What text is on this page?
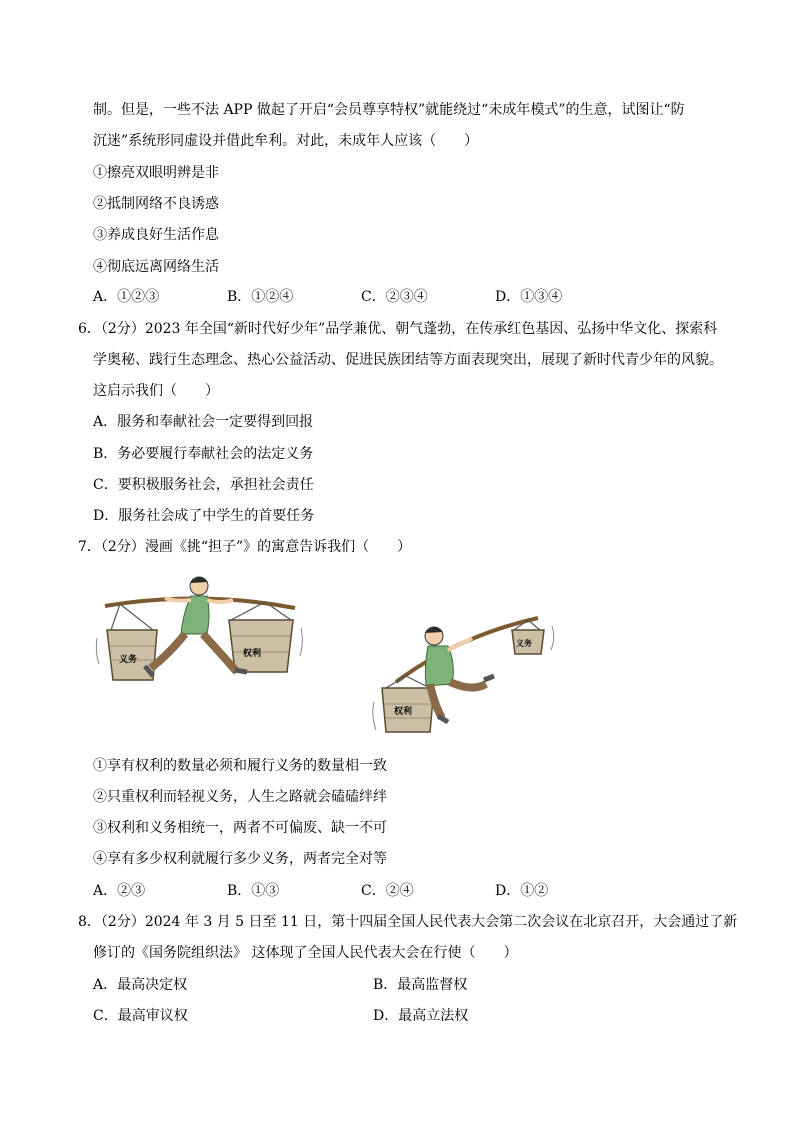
制。但是，一些不法 APP 做起了开启“会员尊享特权”就能绕过“未成年模式”的生意，试图让“防
沉迷”系统形同虚设并借此牟利。对此，未成年人应该（　　）
①擦亮双眼明辨是非
②抵制网络不良诱惑
③养成良好生活作息
④彻底远离网络生活
A．①②③	B．①②④	C．②③④	D．①③④
6．（2分）2023 年全国“新时代好少年”品学兼优、朝气蓬勃，在传承红色基因、弘扬中华文化、探索科
学奥秘、践行生态理念、热心公益活动、促进民族团结等方面表现突出，展现了新时代青少年的风貌。
这启示我们（　　）
A．服务和奉献社会一定要得到回报
B．务必要履行奉献社会的法定义务
C．要积极服务社会，承担社会责任
D．服务社会成了中学生的首要任务
7．（2分）漫画《挑“担子”》的寓意告诉我们（　　）
义务
权利
权利
义务
①享有权利的数量必须和履行义务的数量相一致
②只重权利而轻视义务，人生之路就会磕磕绊绊
③权利和义务相统一，两者不可偏废、缺一不可
④享有多少权利就履行多少义务，两者完全对等
A．②③	B．①③	C．②④	D．①②
8．（2分）2024 年 3 月 5 日至 11 日，第十四届全国人民代表大会第二次会议在北京召开，大会通过了新
修订的《国务院组织法》 这体现了全国人民代表大会在行使（　　）
A．最高决定权	B．最高监督权
C．最高审议权	D．最高立法权
